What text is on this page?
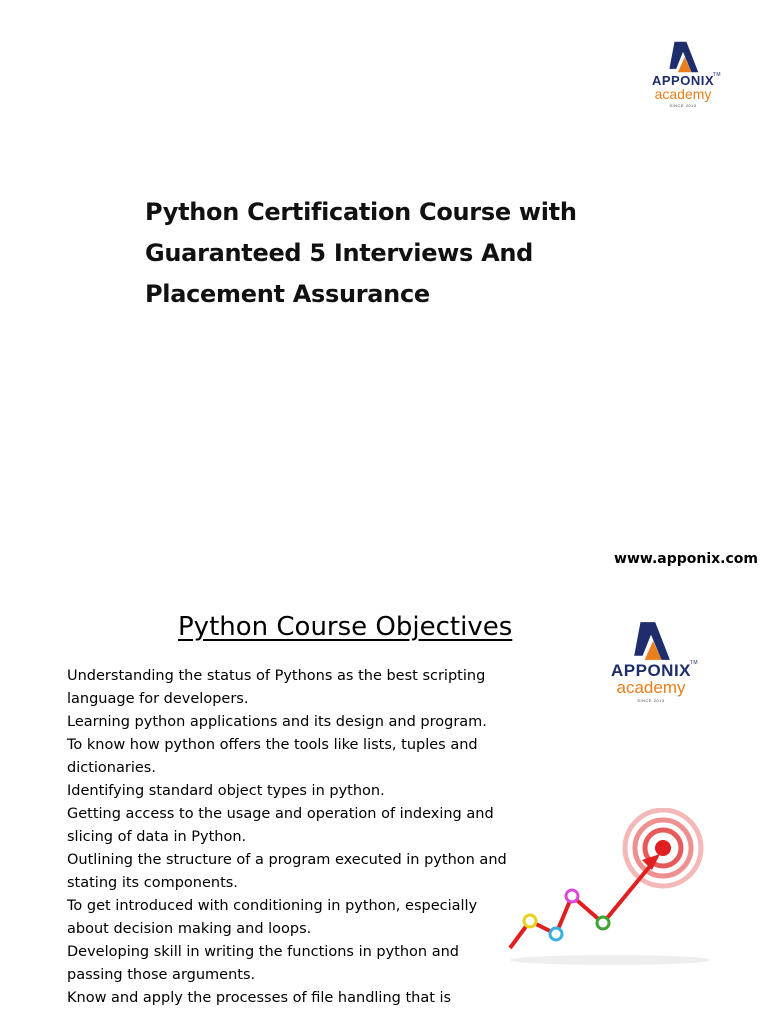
APPONIX
TM
academy
SINCE 2013
Python Certification Course with Guaranteed 5 Interviews And Placement Assurance
www.apponix.com
Python Course Objectives
APPONIX
TM
academy
SINCE 2013
Understanding the status of Pythons as the best scripting language for developers.
Learning python applications and its design and program.
To know how python offers the tools like lists, tuples and dictionaries.
Identifying standard object types in python.
Getting access to the usage and operation of indexing and slicing of data in Python.
Outlining the structure of a program executed in python and stating its components.
To get introduced with conditioning in python, especially about decision making and loops.
Developing skill in writing the functions in python and passing those arguments.
Know and apply the processes of file handling that is
